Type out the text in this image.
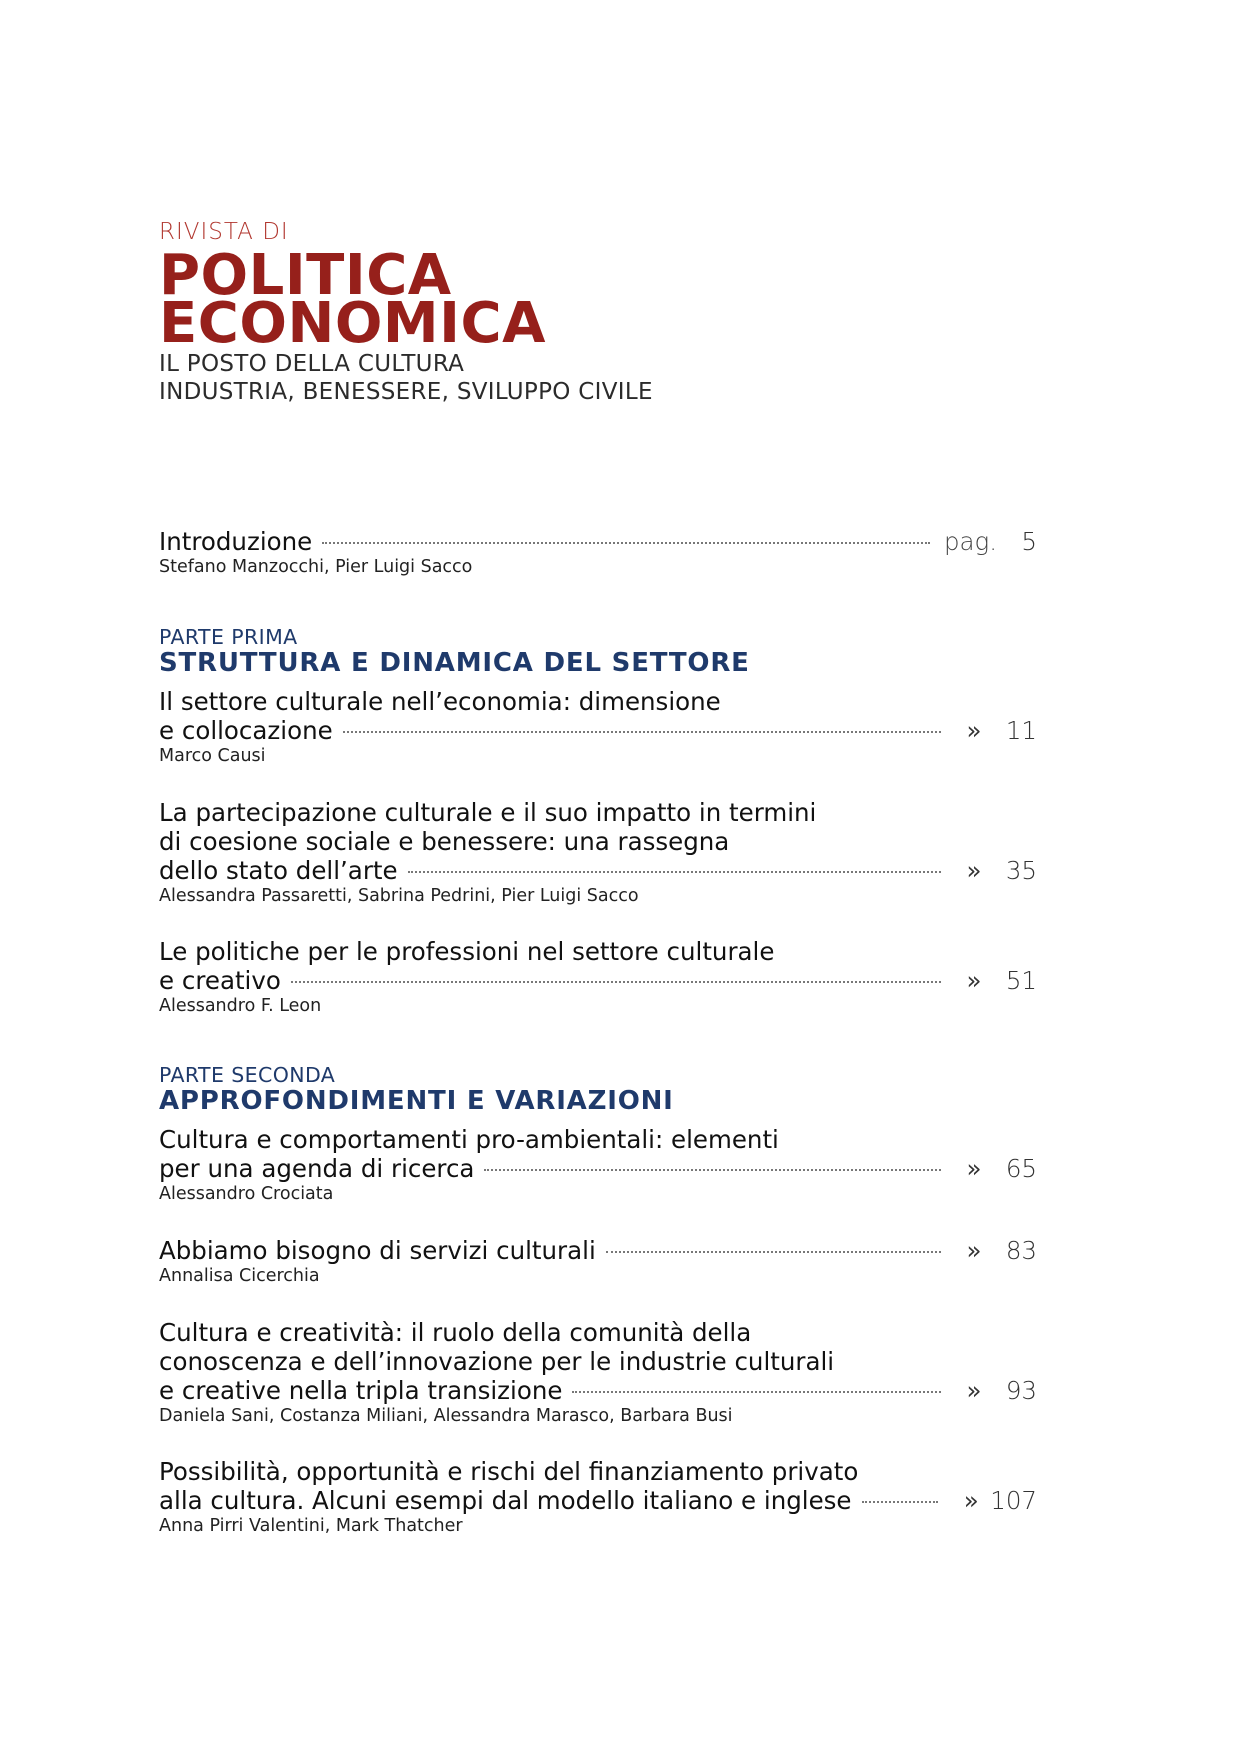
RIVISTA DI
POLITICA
ECONOMICA
IL POSTO DELLA CULTURA
INDUSTRIA, BENESSERE, SVILUPPO CIVILE
Introduzione	pag. 5
Stefano Manzocchi, Pier Luigi Sacco
PARTE PRIMA
STRUTTURA E DINAMICA DEL SETTORE
Il settore culturale nell’economia: dimensione
e collocazione	» 11
Marco Causi
La partecipazione culturale e il suo impatto in termini
di coesione sociale e benessere: una rassegna
dello stato dell’arte	» 35
Alessandra Passaretti, Sabrina Pedrini, Pier Luigi Sacco
Le politiche per le professioni nel settore culturale
e creativo	» 51
Alessandro F. Leon
PARTE SECONDA
APPROFONDIMENTI E VARIAZIONI
Cultura e comportamenti pro-ambientali: elementi
per una agenda di ricerca	» 65
Alessandro Crociata
Abbiamo bisogno di servizi culturali	» 83
Annalisa Cicerchia
Cultura e creatività: il ruolo della comunità della
conoscenza e dell’innovazione per le industrie culturali
e creative nella tripla transizione	» 93
Daniela Sani, Costanza Miliani, Alessandra Marasco, Barbara Busi
Possibilità, opportunità e rischi del finanziamento privato
alla cultura. Alcuni esempi dal modello italiano e inglese	» 107
Anna Pirri Valentini, Mark Thatcher
